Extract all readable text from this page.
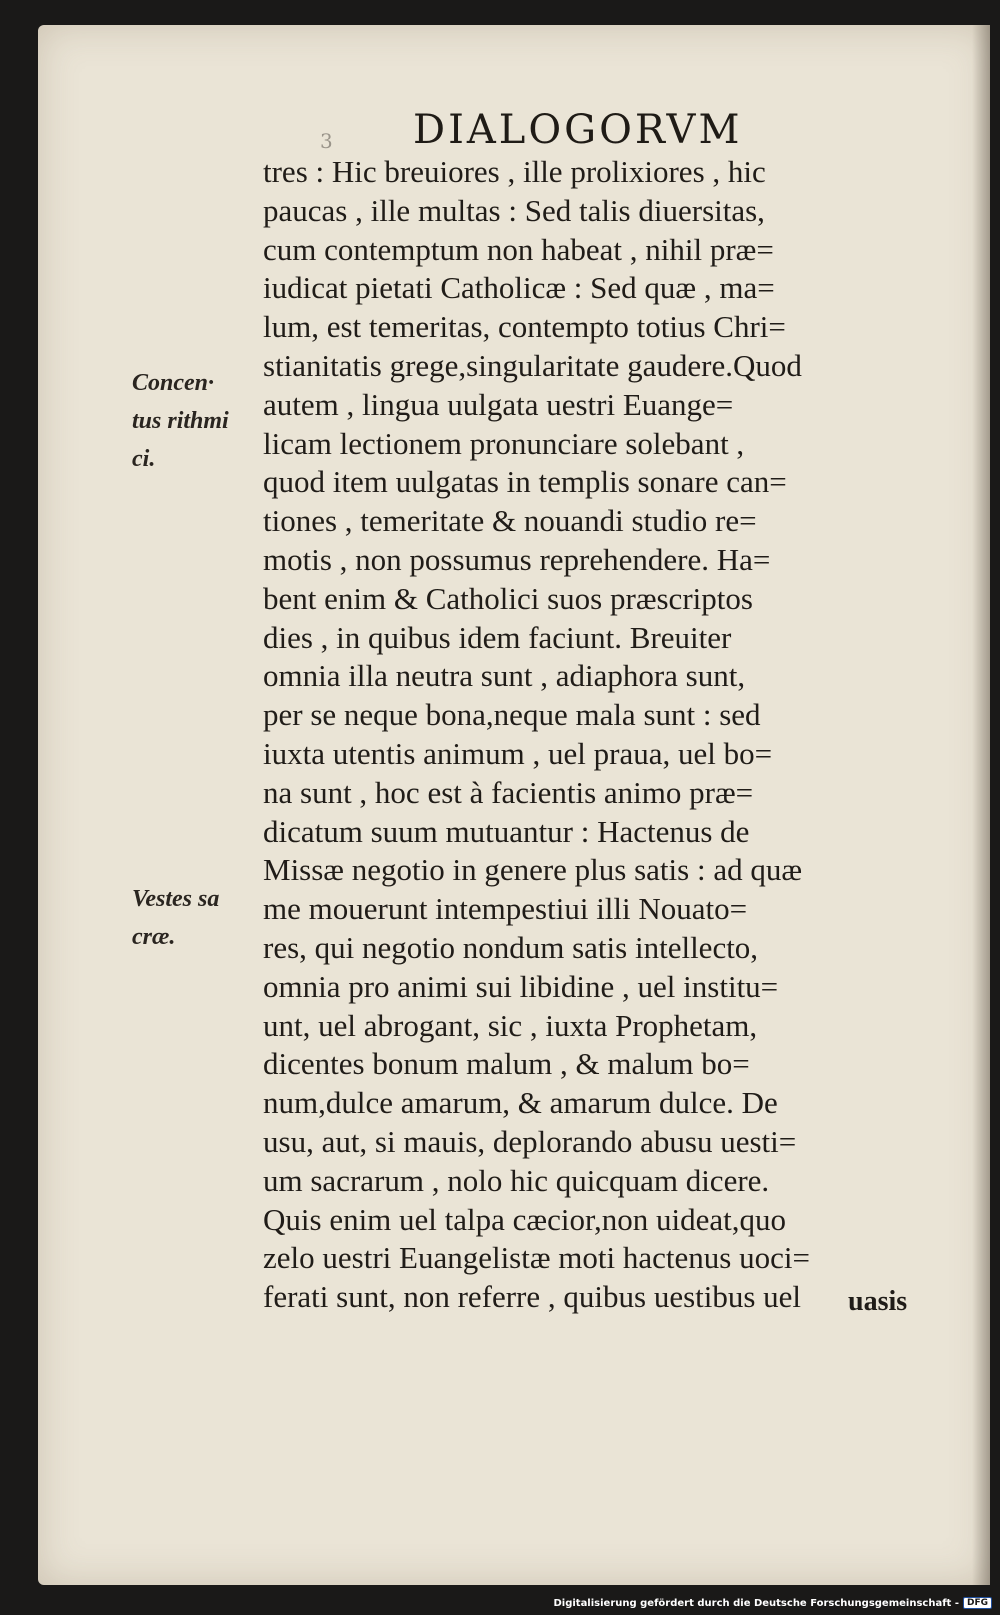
3 DIALOGORVM
tres : Hic breuiores , ille prolixiores , hic
paucas , ille multas : Sed talis diuersitas,
cum contemptum non habeat , nihil præ=
iudicat pietati Catholicæ : Sed quæ , ma=
lum, est temeritas, contempto totius Chri=
stianitatis grege,singularitate gaudere.Quod
autem , lingua uulgata uestri Euange=
licam lectionem pronunciare solebant ,
quod item uulgatas in templis sonare can=
tiones , temeritate & nouandi studio re=
motis , non possumus reprehendere. Ha=
bent enim & Catholici suos præscriptos
dies , in quibus idem faciunt. Breuiter
omnia illa neutra sunt , adiaphora sunt,
per se neque bona,neque mala sunt : sed
iuxta utentis animum , uel praua, uel bo=
na sunt , hoc est à facientis animo præ=
dicatum suum mutuantur : Hactenus de
Missæ negotio in genere plus satis : ad quæ
me mouerunt intempestiui illi Nouato=
res, qui negotio nondum satis intellecto,
omnia pro animi sui libidine , uel institu=
unt, uel abrogant, sic , iuxta Prophetam,
dicentes bonum malum , & malum bo=
num,dulce amarum, & amarum dulce. De
usu, aut, si mauis, deplorando abusu uesti=
um sacrarum , nolo hic quicquam dicere.
Quis enim uel talpa cæcior,non uideat,quo
zelo uestri Euangelistæ moti hactenus uoci=
ferati sunt, non referre , quibus uestibus uel
Concen·
tus rithmi
ci.
Vestes sa
cræ.
uasis
Digitalisierung gefördert durch die Deutsche Forschungsgemeinschaft - DFG
